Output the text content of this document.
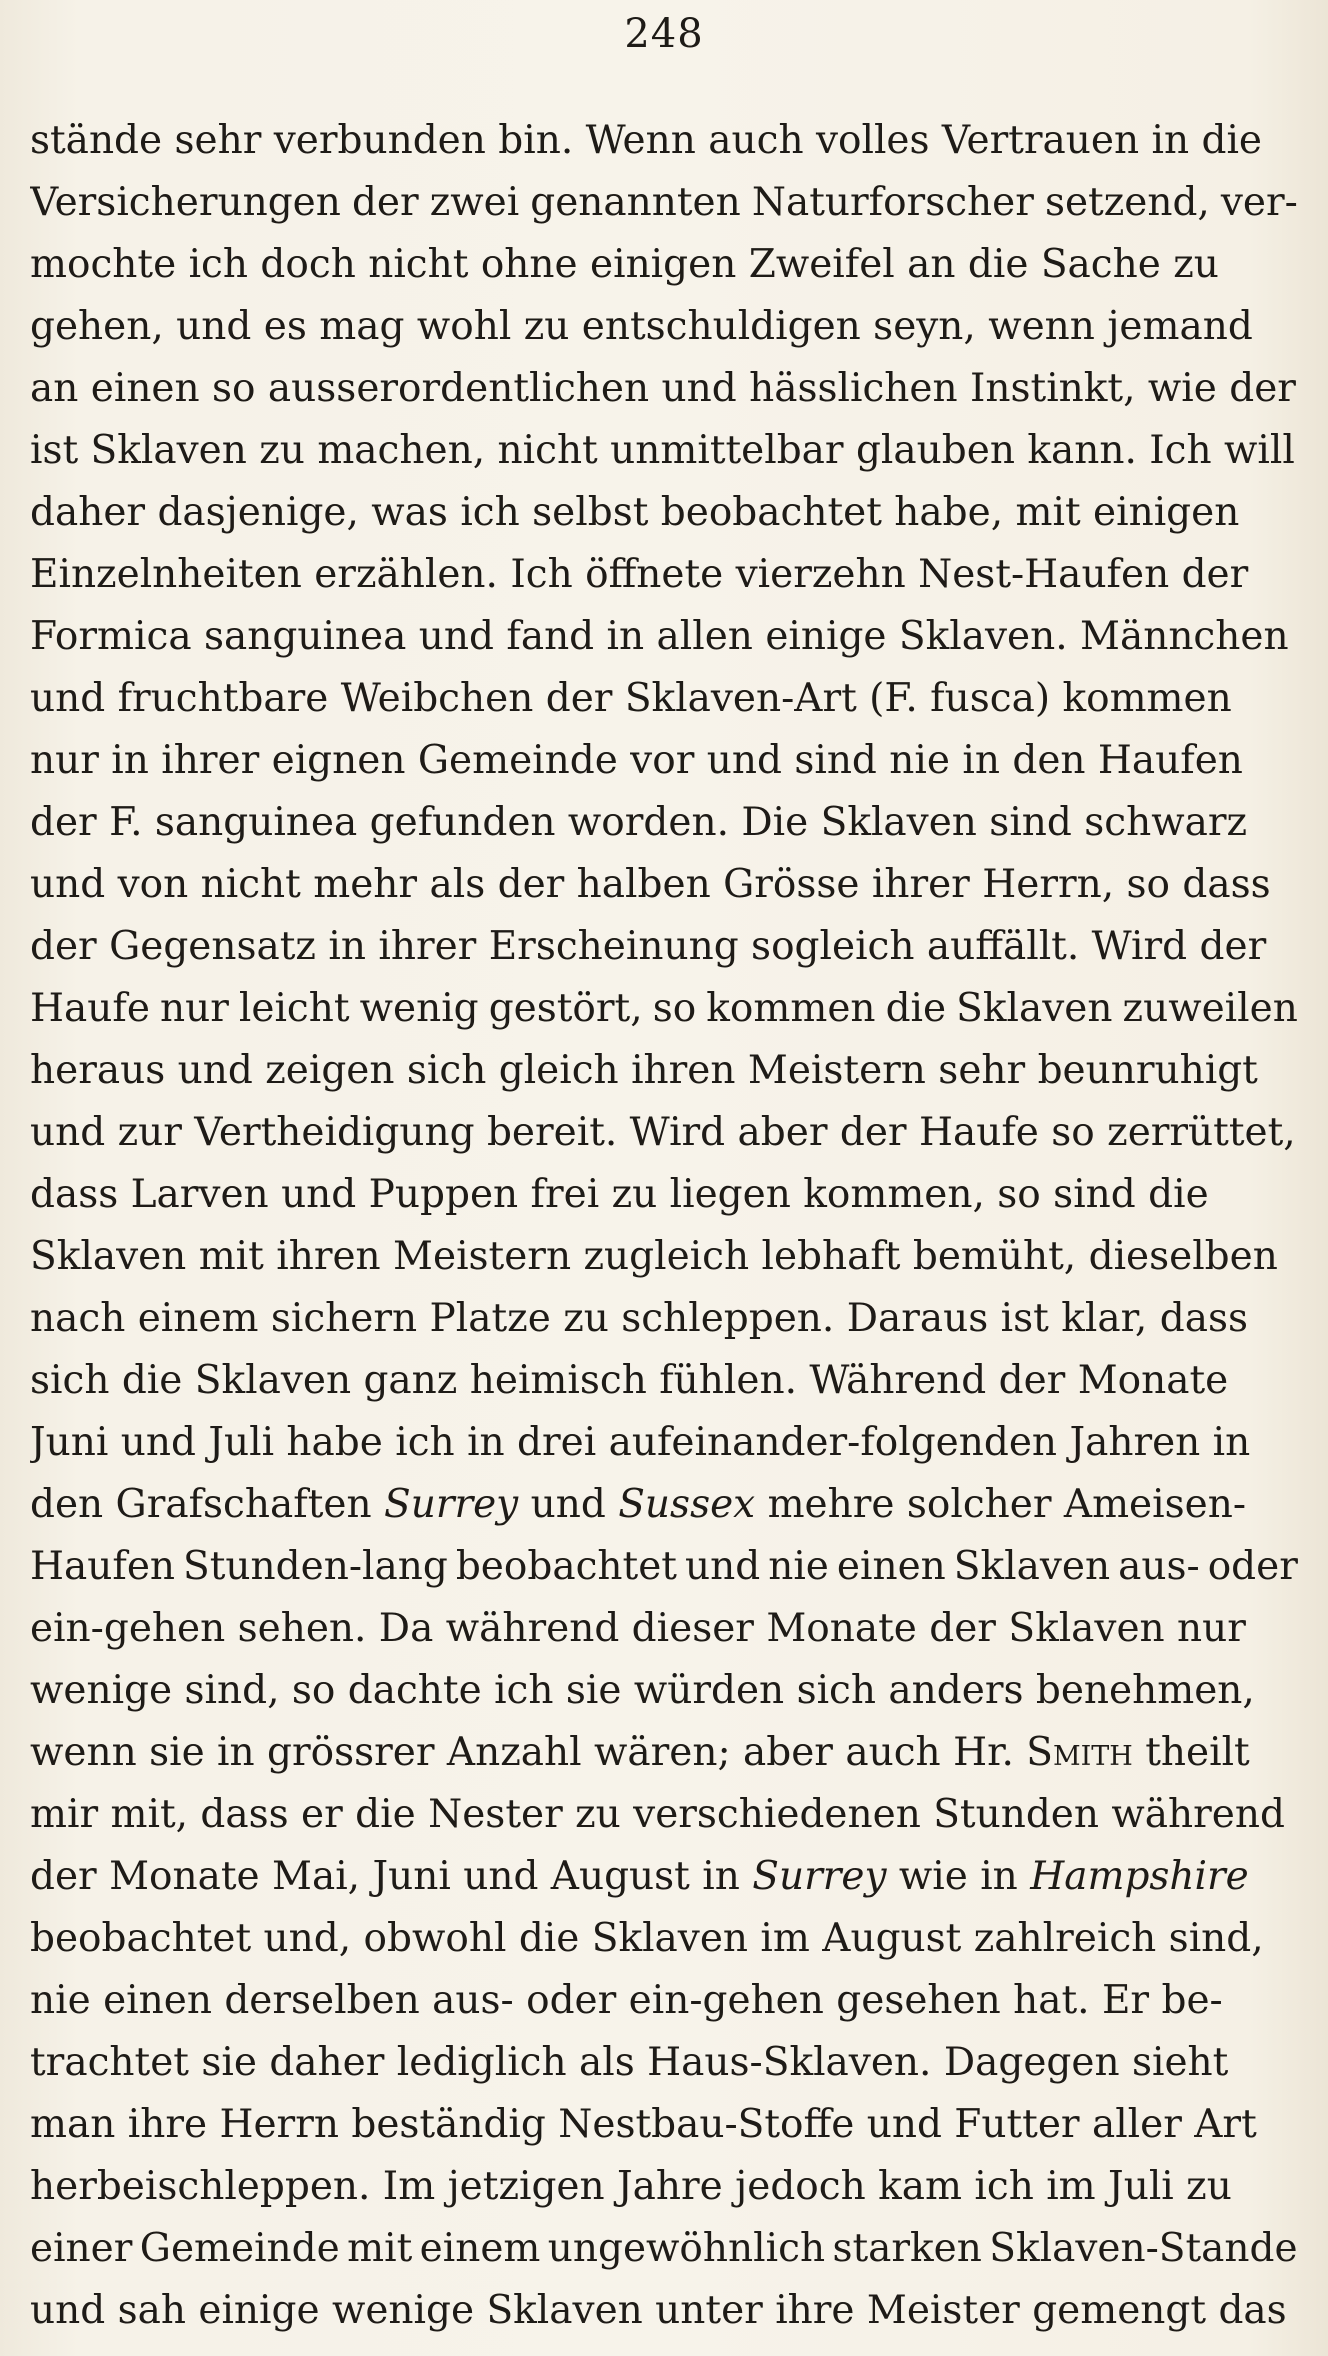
248
stände sehr verbunden bin. Wenn auch volles Vertrauen in die
Versicherungen der zwei genannten Naturforscher setzend, ver-
mochte ich doch nicht ohne einigen Zweifel an die Sache zu
gehen, und es mag wohl zu entschuldigen seyn, wenn jemand
an einen so ausserordentlichen und hässlichen Instinkt, wie der
ist Sklaven zu machen, nicht unmittelbar glauben kann. Ich will
daher dasjenige, was ich selbst beobachtet habe, mit einigen
Einzelnheiten erzählen. Ich öffnete vierzehn Nest-Haufen der
Formica sanguinea und fand in allen einige Sklaven. Männchen
und fruchtbare Weibchen der Sklaven-Art (F. fusca) kommen
nur in ihrer eignen Gemeinde vor und sind nie in den Haufen
der F. sanguinea gefunden worden. Die Sklaven sind schwarz
und von nicht mehr als der halben Grösse ihrer Herrn, so dass
der Gegensatz in ihrer Erscheinung sogleich auffällt. Wird der
Haufe nur leicht wenig gestört, so kommen die Sklaven zuweilen
heraus und zeigen sich gleich ihren Meistern sehr beunruhigt
und zur Vertheidigung bereit. Wird aber der Haufe so zerrüttet,
dass Larven und Puppen frei zu liegen kommen, so sind die
Sklaven mit ihren Meistern zugleich lebhaft bemüht, dieselben
nach einem sichern Platze zu schleppen. Daraus ist klar, dass
sich die Sklaven ganz heimisch fühlen. Während der Monate
Juni und Juli habe ich in drei aufeinander-folgenden Jahren in
den Grafschaften Surrey und Sussex mehre solcher Ameisen-
Haufen Stunden-lang beobachtet und nie einen Sklaven aus- oder
ein-gehen sehen. Da während dieser Monate der Sklaven nur
wenige sind, so dachte ich sie würden sich anders benehmen,
wenn sie in grössrer Anzahl wären; aber auch Hr. Smith theilt
mir mit, dass er die Nester zu verschiedenen Stunden während
der Monate Mai, Juni und August in Surrey wie in Hampshire
beobachtet und, obwohl die Sklaven im August zahlreich sind,
nie einen derselben aus- oder ein-gehen gesehen hat. Er be-
trachtet sie daher lediglich als Haus-Sklaven. Dagegen sieht
man ihre Herrn beständig Nestbau-Stoffe und Futter aller Art
herbeischleppen. Im jetzigen Jahre jedoch kam ich im Juli zu
einer Gemeinde mit einem ungewöhnlich starken Sklaven-Stande
und sah einige wenige Sklaven unter ihre Meister gemengt das
